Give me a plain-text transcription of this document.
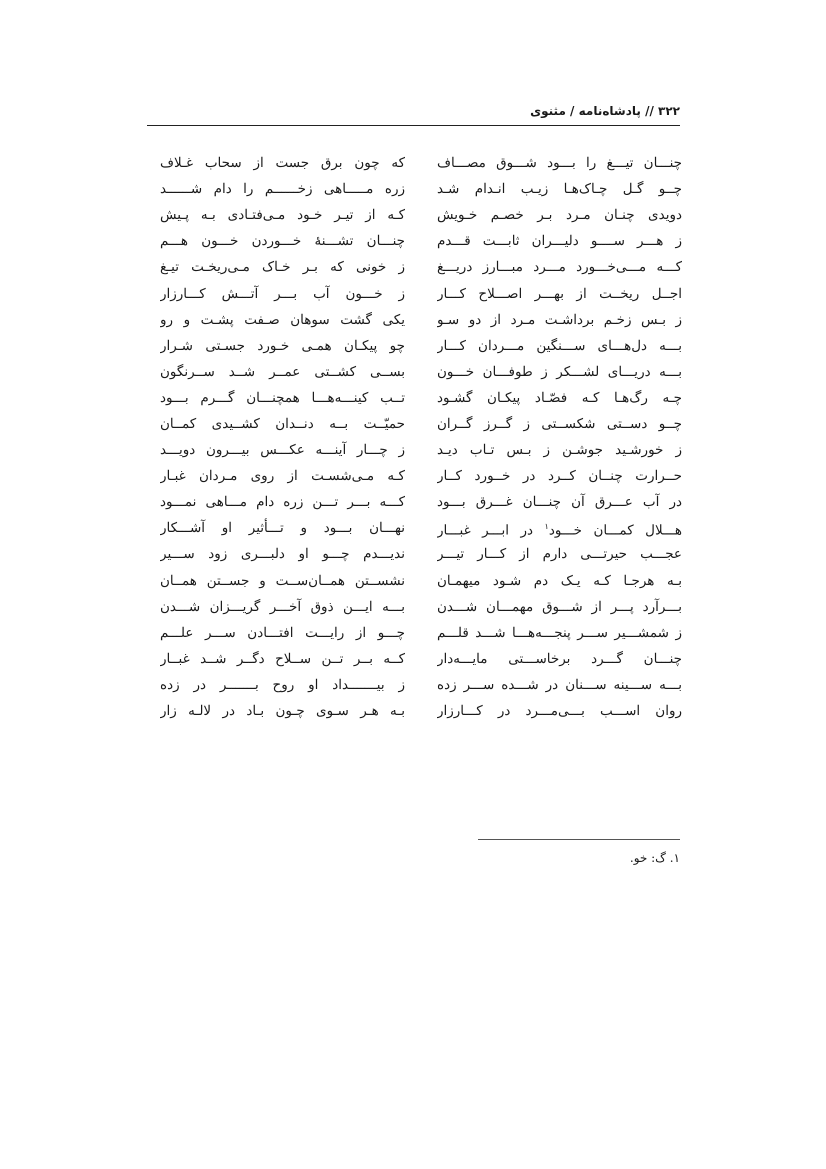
۳۲۲ // پادشاه‌نامه / مثنوی
چنـــان تیـــغ را بـــود شـــوق مصـــاف
که چون برق جست از سحاب غـلاف
چــو گـل چـاک‌هـا زیـب انـدام شـد
زره مـــــاهی زخــــــم را دام شــــــد
دویدی چنـان مـرد بـر خصـم خـویش
کـه از تیـر خـود مـی‌فتـادی بـه پـیش
ز هـــر ســــو دلیـــران ثابـــت قـــدم
چنـــان تشـــنهٔ خـــوردن خـــون هـــم
کـــه مـــی‌خـــورد مـــرد مبـــارز دریـــغ
ز خونی که بـر خـاک مـی‌ریخـت تیـغ
اجــل ریخــت از بهـــر اصـــلاح کـــار
ز خـــون آب بـــر آتـــش کـــارزار
ز بـس زخـم برداشـت مـرد از دو سـو
یکی گشت سوهان صـفت پشـت و رو
بـــه دل‌هـــای ســـنگین مـــردان کـــار
چو پیکـان همـی خـورد جسـتی شـرار
بـــه دریـــای لشـــکر ز طوفـــان خـــون
بســی کشــتی عمــر شــد ســرنگون
چـه رگ‌هـا کـه فصّـاد پیکـان گشـود
تــب کینـــه‌هـــا همچنـــان گـــرم بـــود
چــو دســتی شکســتی ز گــرز گــران
حمیّــت بــه دنــدان کشــیدی کمــان
ز خورشـید جوشـن ز بـس تـاب دیـد
ز چـــار آینـــه عکـــس بیـــرون دویـــد
حــرارت چنــان کــرد در خــورد کــار
کـه مـی‌شسـت از روی مـردان غبـار
در آب عـــرق آن چنـــان غـــرق بـــود
کـــه بـــر تـــن زره دام مـــاهی نمـــود
هـــلال کمـــان خـــود$^۱$ در ابـــر غبـــار
نهـــان بـــود و تـــأثیر او آشـــکار
عجـــب حیرتـــی دارم از کـــار تیـــر
ندیـــدم چـــو او دلبـــری زود ســـیر
بـه هرجـا کـه یـک دم شـود میهمـان
نشســتن همــان‌ســت و جســتن همــان
بـــرآرد پـــر از شـــوق مهمـــان شـــدن
بـــه ایـــن ذوق آخـــر گریـــزان شـــدن
ز شمشـــیر ســـر پنجـــه‌هـــا شـــد قلـــم
چـــو از رایـــت افتـــادن ســـر علـــم
چنـــان گـــرد برخاســـتی مایـــه‌دار
کــه بــر تــن ســلاح دگــر شــد غبــار
بـــه ســـینه ســـنان در شـــده ســـر زده
ز بیـــــــداد او روح بـــــــر در زده
روان اســـب بـــی‌مـــرد در کـــارزار
بـه هـر سـوی چـون بـاد در لالـه زار
۱. گ: خو.
